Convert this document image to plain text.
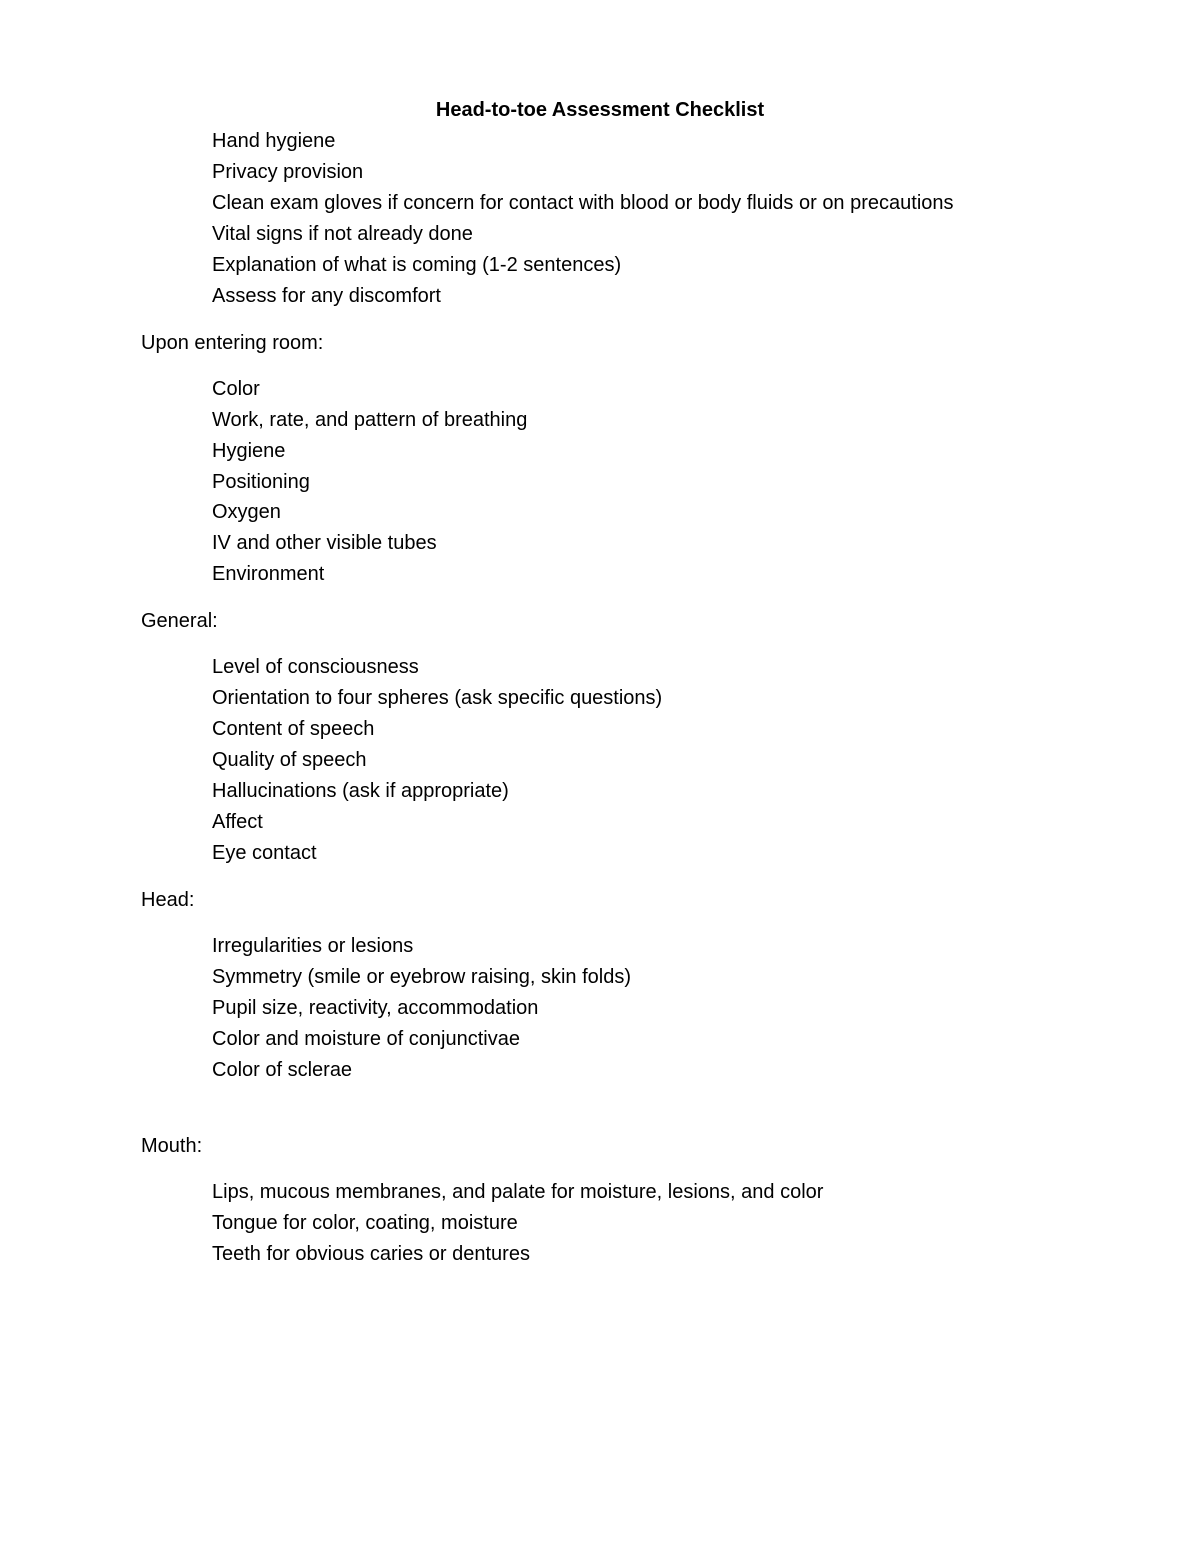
Head-to-toe Assessment Checklist
Hand hygiene
Privacy provision
Clean exam gloves if concern for contact with blood or body fluids or on precautions
Vital signs if not already done
Explanation of what is coming (1-2 sentences)
Assess for any discomfort
Upon entering room:
Color
Work, rate, and pattern of breathing
Hygiene
Positioning
Oxygen
IV and other visible tubes
Environment
General:
Level of consciousness
Orientation to four spheres (ask specific questions)
Content of speech
Quality of speech
Hallucinations (ask if appropriate)
Affect
Eye contact
Head:
Irregularities or lesions
Symmetry (smile or eyebrow raising, skin folds)
Pupil size, reactivity, accommodation
Color and moisture of conjunctivae
Color of sclerae
Mouth:
Lips, mucous membranes, and palate for moisture, lesions, and color
Tongue for color, coating, moisture
Teeth for obvious caries or dentures
